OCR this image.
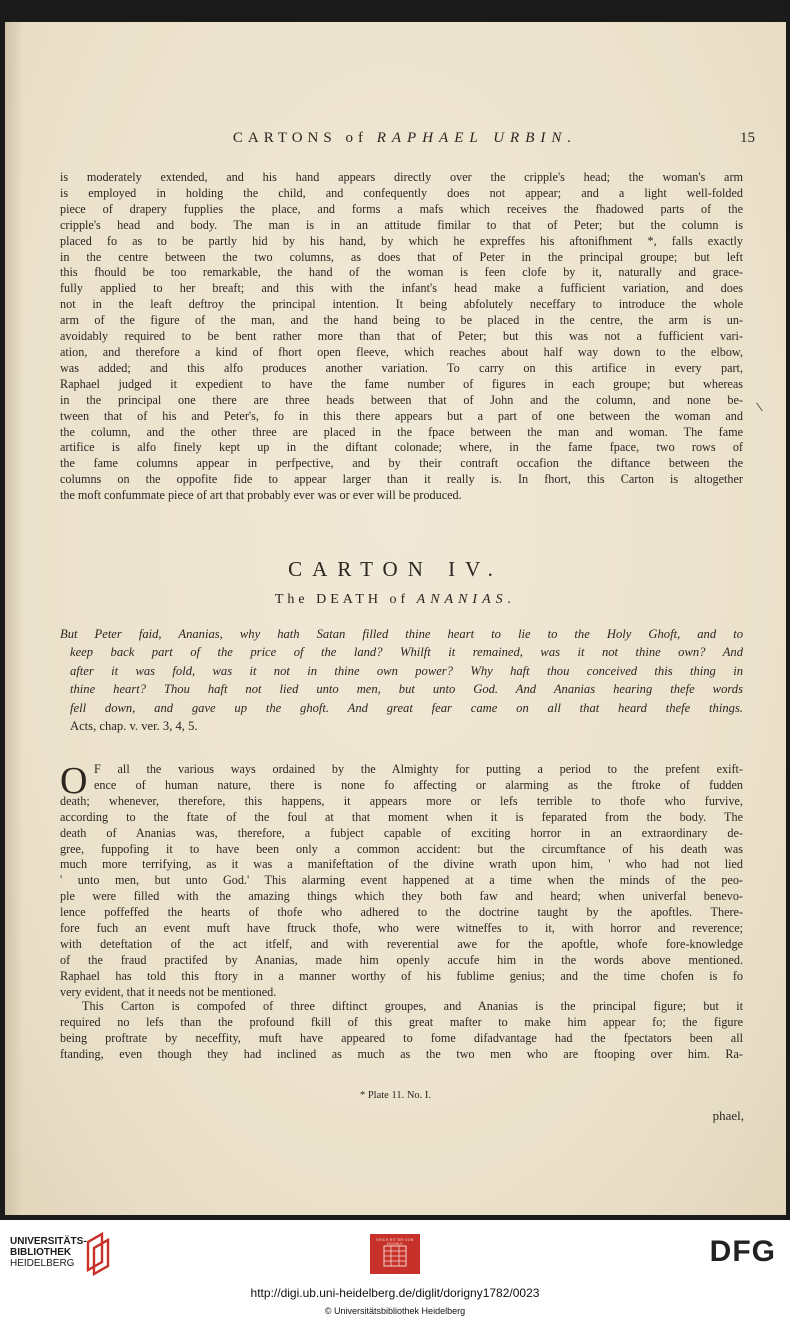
CARTONS of RAPHAEL URBIN.	15
is moderately extended, and his hand appears directly over the cripple's head; the woman's arm
is employed in holding the child, and confequently does not appear; and a light well-folded
piece of drapery fupplies the place, and forms a mafs which receives the fhadowed parts of the
cripple's head and body. The man is in an attitude fimilar to that of Peter; but the column is
placed fo as to be partly hid by his hand, by which he expreffes his aftonifhment *, falls exactly
in the centre between the two columns, as does that of Peter in the principal groupe; but left
this fhould be too remarkable, the hand of the woman is feen clofe by it, naturally and grace-
fully applied to her breaft; and this with the infant's head make a fufficient variation, and does
not in the leaft deftroy the principal intention. It being abfolutely neceffary to introduce the whole
arm of the figure of the man, and the hand being to be placed in the centre, the arm is un-
avoidably required to be bent rather more than that of Peter; but this was not a fufficient vari-
ation, and therefore a kind of fhort open fleeve, which reaches about half way down to the elbow,
was added; and this alfo produces another variation. To carry on this artifice in every part,
Raphael judged it expedient to have the fame number of figures in each groupe; but whereas
in the principal one there are three heads between that of John and the column, and none be-
tween that of his and Peter's, fo in this there appears but a part of one between the woman and
the column, and the other three are placed in the fpace between the man and woman. The fame
artifice is alfo finely kept up in the diftant colonade; where, in the fame fpace, two rows of
the fame columns appear in perfpective, and by their contraft occafion the diftance between the
columns on the oppofite fide to appear larger than it really is. In fhort, this Carton is altogether
the moft confummate piece of art that probably ever was or ever will be produced.
CARTON IV.
The DEATH of ANANIAS.
But Peter faid, Ananias, why hath Satan filled thine heart to lie to the Holy Ghoft, and to
keep back part of the price of the land? Whilft it remained, was it not thine own? And
after it was fold, was it not in thine own power? Why haft thou conceived this thing in
thine heart? Thou haft not lied unto men, but unto God. And Ananias hearing thefe words
fell down, and gave up the ghoft. And great fear came on all that heard thefe things.
Acts, chap. v. ver. 3, 4, 5.
O F all the various ways ordained by the Almighty for putting a period to the prefent exift-
ence of human nature, there is none fo affecting or alarming as the ftroke of fudden
death; whenever, therefore, this happens, it appears more or lefs terrible to thofe who furvive,
according to the ftate of the foul at that moment when it is feparated from the body. The
death of Ananias was, therefore, a fubject capable of exciting horror in an extraordinary de-
gree, fuppofing it to have been only a common accident: but the circumftance of his death was
much more terrifying, as it was a manifeftation of the divine wrath upon him, ' who had not lied
' unto men, but unto God.' This alarming event happened at a time when the minds of the peo-
ple were filled with the amazing things which they both faw and heard; when univerfal benevo-
lence poffeffed the hearts of thofe who adhered to the doctrine taught by the apoftles. There-
fore fuch an event muft have ftruck thofe, who were witneffes to it, with horror and reverence;
with deteftation of the act itfelf, and with reverential awe for the apoftle, whofe fore-knowledge
of the fraud practifed by Ananias, made him openly accufe him in the words above mentioned.
Raphael has told this ftory in a manner worthy of his fublime genius; and the time chofen is fo
very evident, that it needs not be mentioned.
This Carton is compofed of three diftinct groupes, and Ananias is the principal figure; but it
required no lefs than the profound fkill of this great mafter to make him appear fo; the figure
being proftrate by neceffity, muft have appeared to fome difadvantage had the fpectators been all
ftanding, even though they had inclined as much as the two men who are ftooping over him. Ra-
* Plate 11. No. I.
phael,
UNIVERSITÄTS-
BIBLIOTHEK
HEIDELBERG
ERICH RITTER VON DOUBLE	DFG
http://digi.ub.uni-heidelberg.de/diglit/dorigny1782/0023
© Universitätsbibliothek Heidelberg
